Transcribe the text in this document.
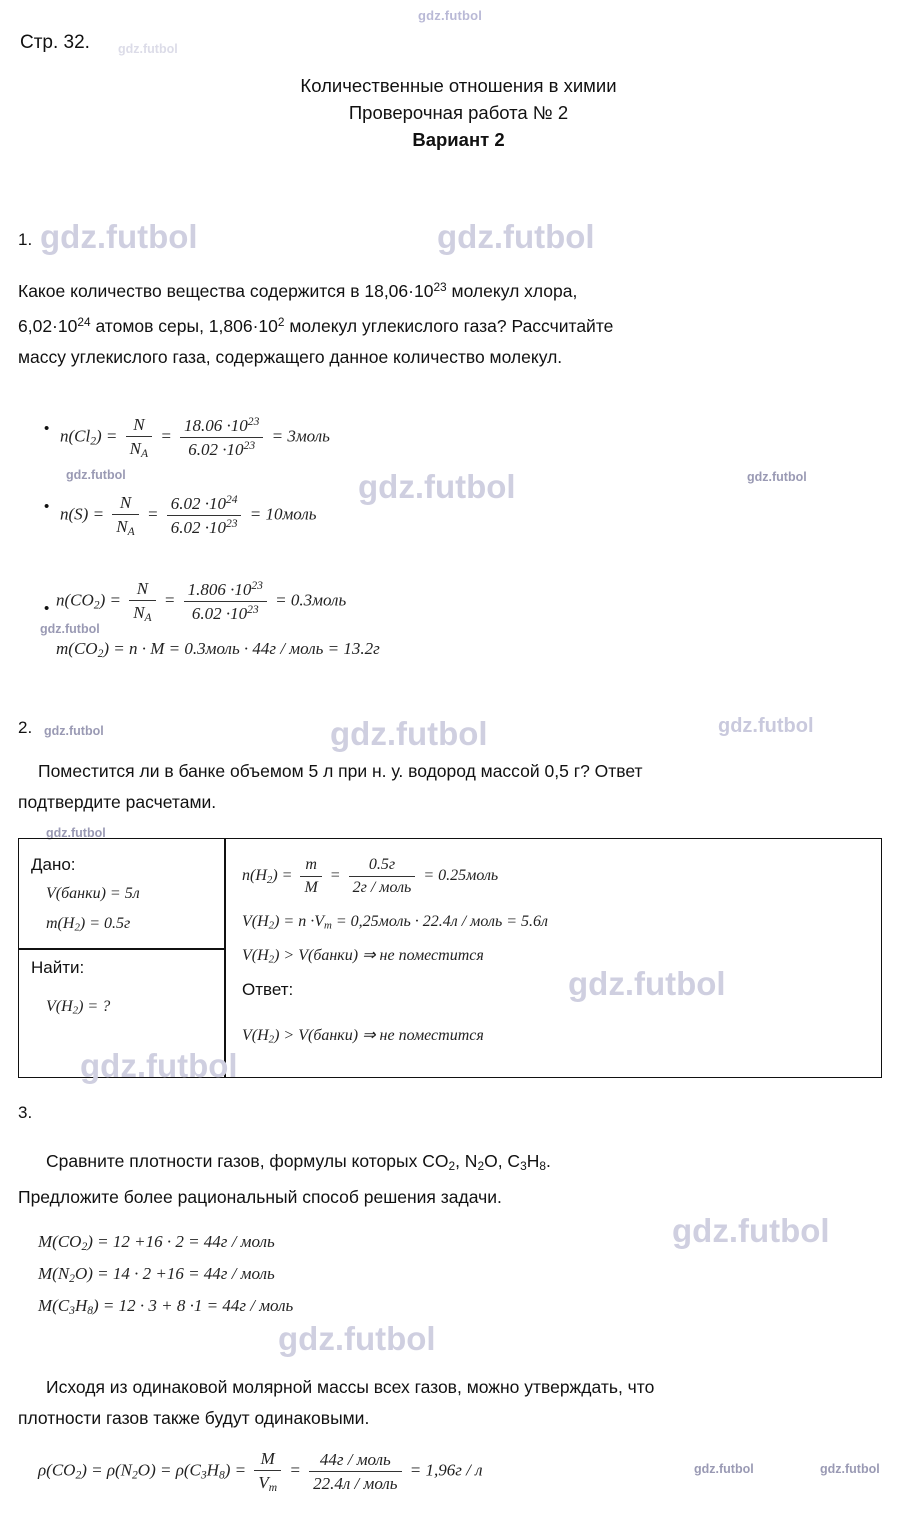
gdz.futbol
Стр. 32. gdz.futbol
Количественные отношения в химии
Проверочная работа № 2
Вариант 2
1. gdz.futbol	gdz.futbol
Какое количество вещества содержится в $18,06\cdot 10^{23}$ молекул хлора,
$6,02\cdot 10^{24}$ атомов серы, $1,806\cdot 10^2$ молекул углекислого газа? Рассчитайте
массу углекислого газа, содержащего данное количество молекул.
• $n(Cl_2) = \frac{N}{N_A} = \frac{18.06 \cdot 10^{23}}{6.02 \cdot 10^{23}}$ = 3моль
gdz.futbol	gdz.futbol	gdz.futbol
• $n(S) = \frac{N}{N_A} = \frac{6.02 \cdot 10^{24}}{6.02 \cdot 10^{23}}$ = 10моль
• $n(CO_2) = \frac{N}{N_A} = \frac{1.806 \cdot 10^{23}}{6.02 \cdot 10^{23}}$ = 0.3моль
gdz.futbol
$m(CO_2) = n \cdot M$ = 0.3моль · 44г / моль = 13.2г
2. gdz.futbol	gdz.futbol	gdz.futbol
Поместится ли в банке объемом 5 л при н. у. водород массой 0,5 г? Ответ
подтвердите расчетами.
gdz.futbol
Дано:
V(банки) = 5л
$m(H_2) = 0.5г$
Найти:
$V(H_2)$ = ?
$n(H_2) = \frac{m}{M} = \frac{0.5г}{\text{2г / моль}}$ = 0.25моль
$V(H_2) = n \cdot V_m$ = 0,25моль · 22.4л / моль = 5.6л
$V(H_2)$ > V(банки) ⇒ не поместится
Ответ:
$V(H_2)$ > V(банки) ⇒ не поместится
gdz.futbol
gdz.futbol
3.
Сравните плотности газов, формулы которых $CO_2$, $N_2O$, $C_3H_8$.
Предложите более рациональный способ решения задачи.
gdz.futbol
$M(CO_2) = 12 +16 \cdot 2 = 44г$ / моль
$M(N_2O) = 14 \cdot 2 +16 = 44г$ / моль
$M(C_3H_8) = 12 \cdot 3 + 8 \cdot 1 = 44г$ / моль
gdz.futbol
Исходя из одинаковой молярной массы всех газов, можно утверждать, что
плотности газов также будут одинаковыми.
$\rho(CO_2) = \rho(N_2O) = \rho(C_3H_8) = \frac{M}{V_m} = \frac{\text{44г / моль}}{\text{22.4л / моль}} = 1,96г / л$	gdz.futbol	gdz.futbol
